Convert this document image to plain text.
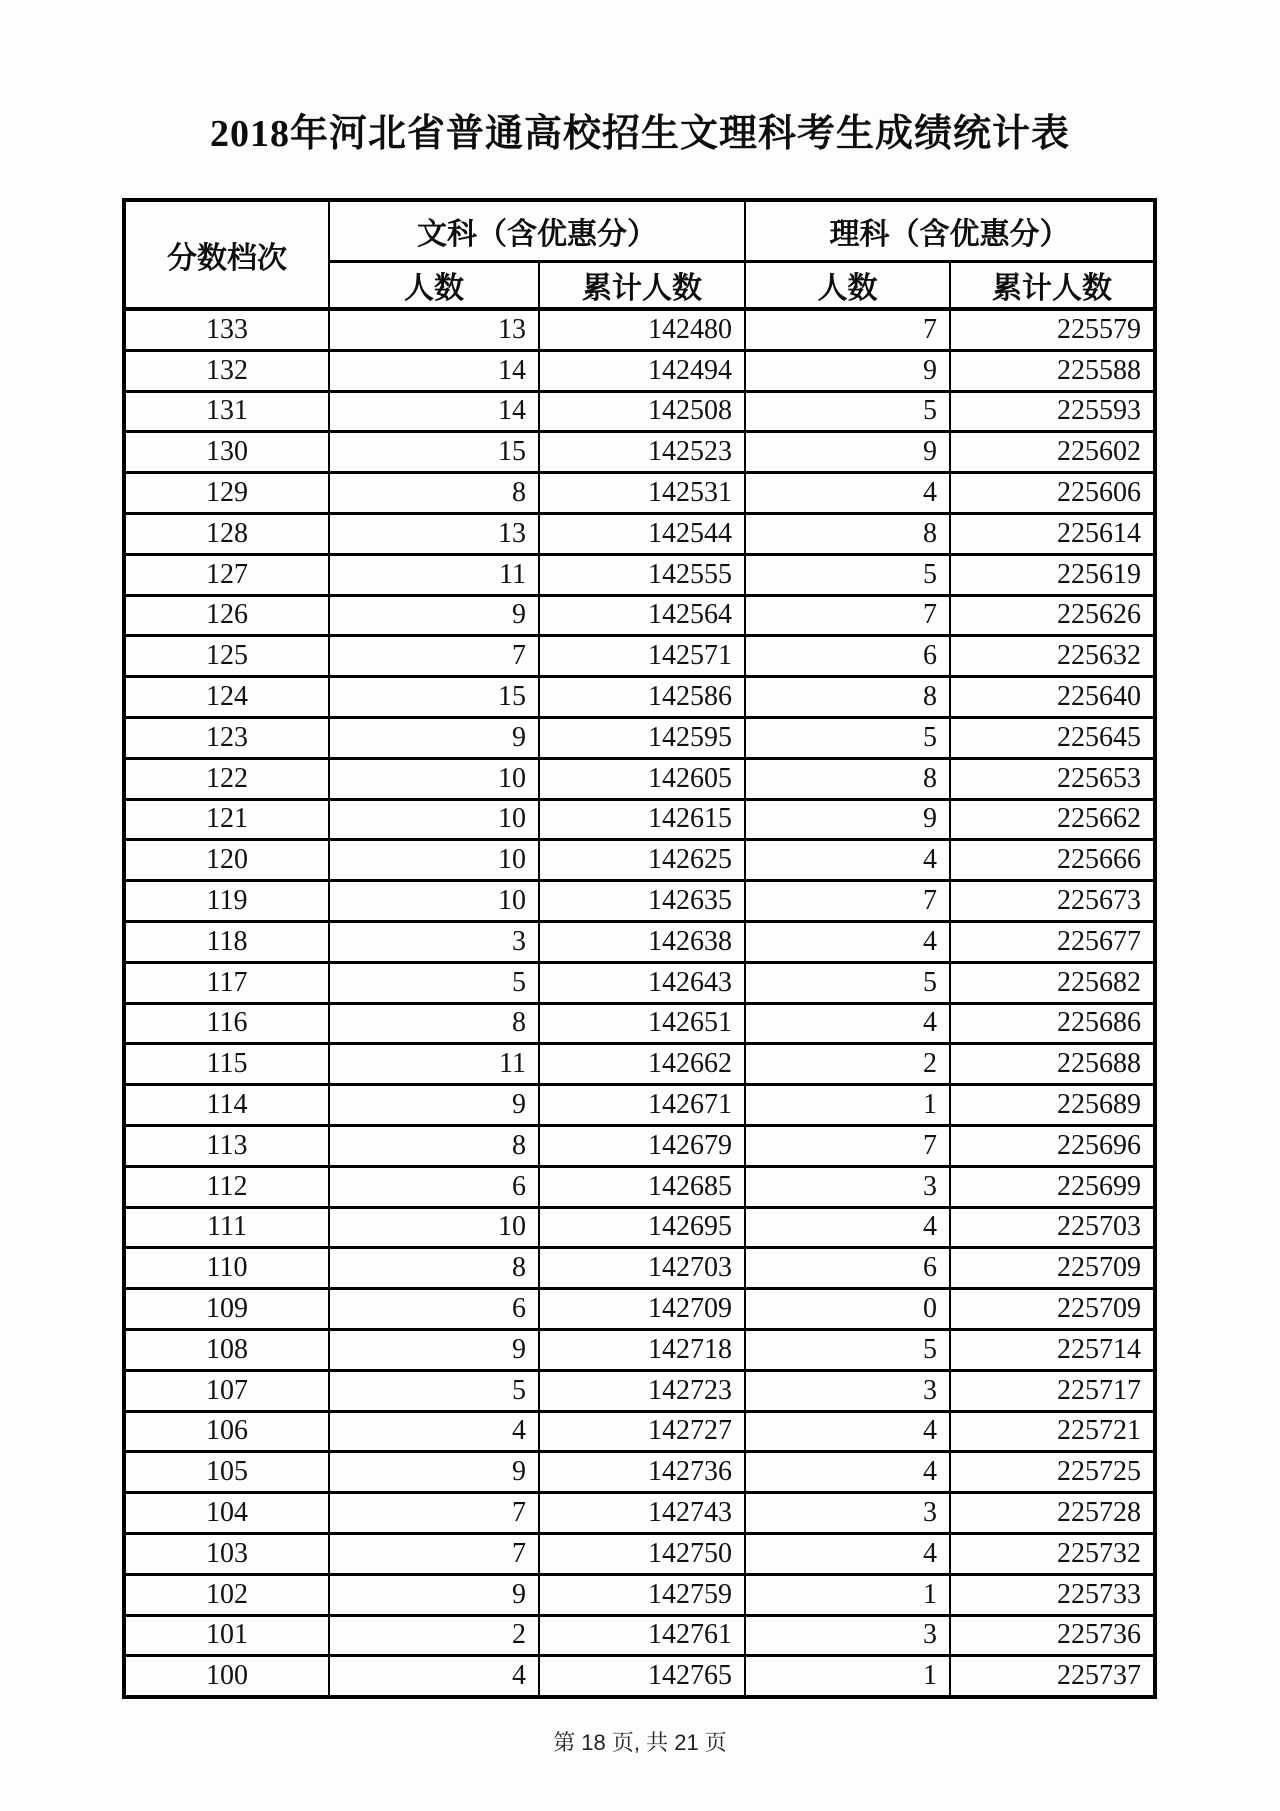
2018年河北省普通高校招生文理科考生成绩统计表
分数档次	文科（含优惠分）		理科（含优惠分）	
	人数	累计人数	人数	累计人数
133	13	142480	7	225579
132	14	142494	9	225588
131	14	142508	5	225593
130	15	142523	9	225602
129	8	142531	4	225606
128	13	142544	8	225614
127	11	142555	5	225619
126	9	142564	7	225626
125	7	142571	6	225632
124	15	142586	8	225640
123	9	142595	5	225645
122	10	142605	8	225653
121	10	142615	9	225662
120	10	142625	4	225666
119	10	142635	7	225673
118	3	142638	4	225677
117	5	142643	5	225682
116	8	142651	4	225686
115	11	142662	2	225688
114	9	142671	1	225689
113	8	142679	7	225696
112	6	142685	3	225699
111	10	142695	4	225703
110	8	142703	6	225709
109	6	142709	0	225709
108	9	142718	5	225714
107	5	142723	3	225717
106	4	142727	4	225721
105	9	142736	4	225725
104	7	142743	3	225728
103	7	142750	4	225732
102	9	142759	1	225733
101	2	142761	3	225736
100	4	142765	1	225737
第 18 页, 共 21 页
